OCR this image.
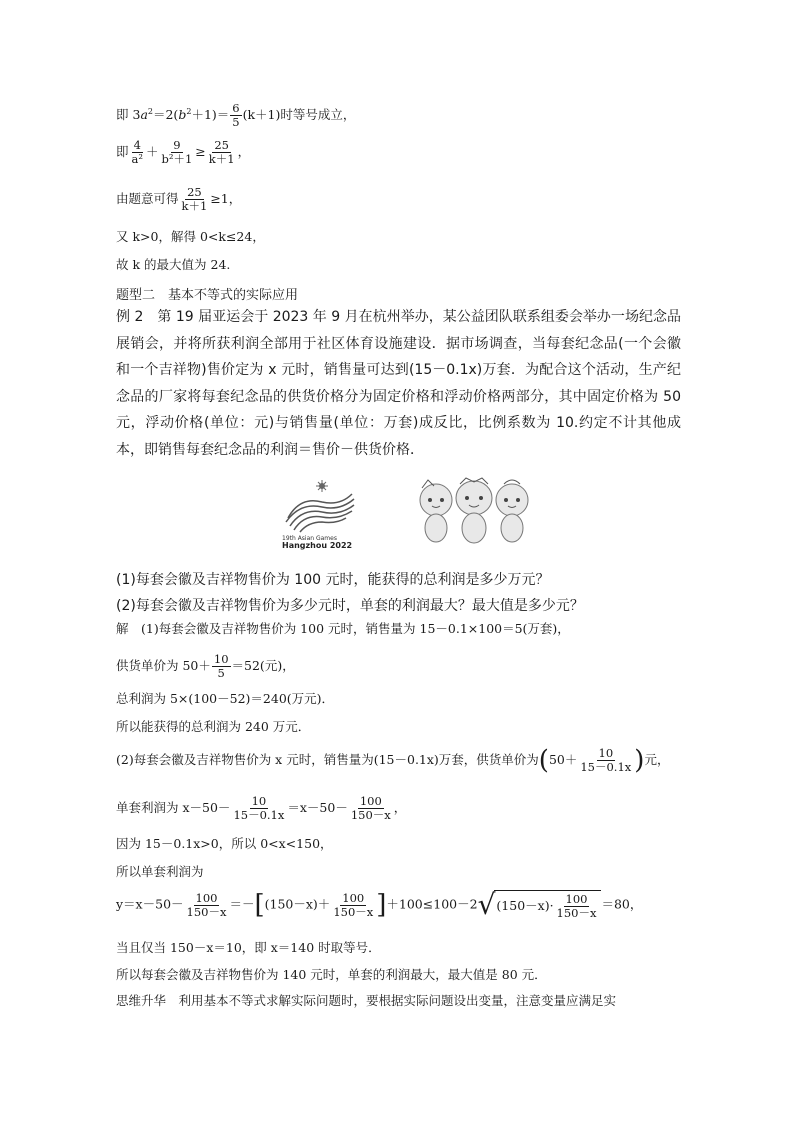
即 $3a^2=2(b^2+1)= \frac{6}{5} (k+1)$时等号成立，
即 $\frac{4}{\text{a²}} + \frac{9}{\text{b²＋1}} \ge \frac{25}{k+1}$ ，
由题意可得 $\frac{25}{k+1} \ge 1$，
又 k>0，解得 0<k≤24，
故 k 的最大值为 24.
题型二　基本不等式的实际应用
例 2　第 19 届亚运会于 2023 年 9 月在杭州举办，某公益团队联系组委会举办一场纪念品展销会，并将所获利润全部用于社区体育设施建设．据市场调查，当每套纪念品(一个会徽和一个吉祥物)售价定为 x 元时，销售量可达到(15－0.1x)万套．为配合这个活动，生产纪念品的厂家将每套纪念品的供货价格分为固定价格和浮动价格两部分，其中固定价格为 50 元，浮动价格(单位：元)与销售量(单位：万套)成反比，比例系数为 10.约定不计其他成本，即销售每套纪念品的利润＝售价－供货价格．
19th Asian Games
Hangzhou 2022
(1)每套会徽及吉祥物售价为 100 元时，能获得的总利润是多少万元？
(2)每套会徽及吉祥物售价为多少元时，单套的利润最大？最大值是多少元？
解　(1)每套会徽及吉祥物售价为 100 元时，销售量为 15－0.1×100＝5(万套)，
供货单价为 $50+ \frac{10}{5} =52$(元)，
总利润为 5×(100－52)＝240(万元)．
所以能获得的总利润为 240 万元．
(2)每套会徽及吉祥物售价为 x 元时，销售量为(15－0.1x)万套，供货单价为($50+ \frac{10}{15-0.1x}$ )元，
单套利润为 $x-50- \frac{10}{15-0.1x} =x-50- \frac{100}{150-x}$ ，
因为 15－0.1x>0，所以 0<x<150，
所以单套利润为
$y=x-50- \frac{100}{150-x} =-[(150-x)+ \frac{100}{150-x} ]+100\le 100-2$ √ $(150-x)\cdot \frac{100}{150-x} =80$，
当且仅当 150－x＝10，即 x＝140 时取等号．
所以每套会徽及吉祥物售价为 140 元时，单套的利润最大，最大值是 80 元．
思维升华　利用基本不等式求解实际问题时，要根据实际问题设出变量，注意变量应满足实
